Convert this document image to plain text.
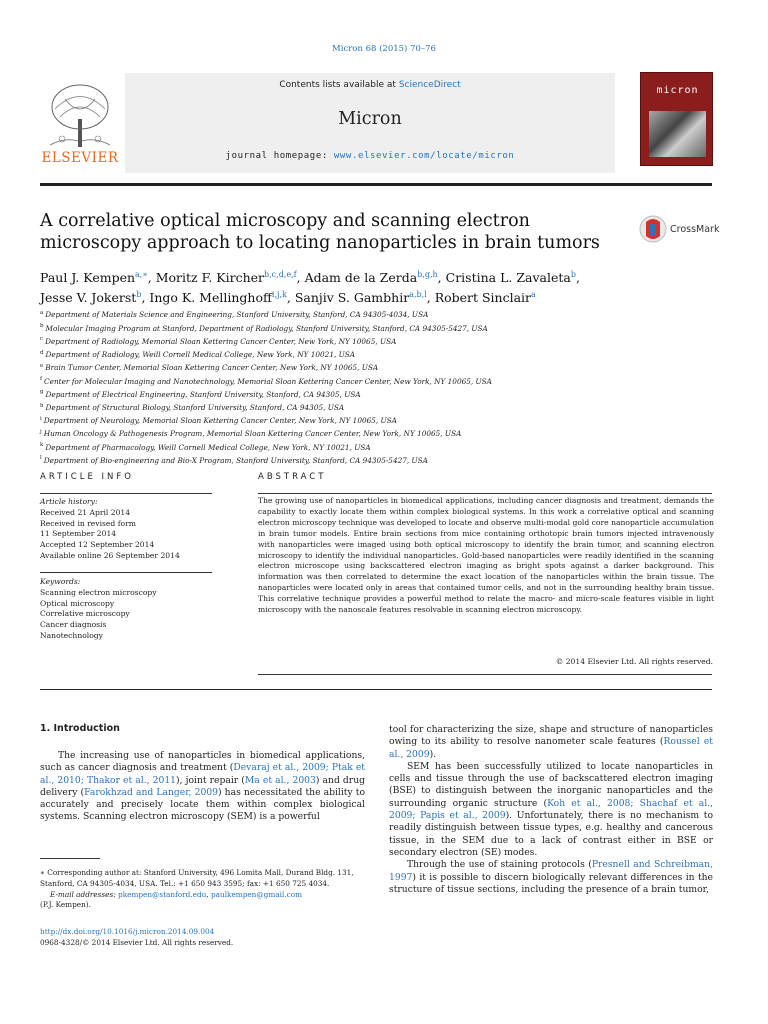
Micron 68 (2015) 70–76
ELSEVIER
Contents lists available at ScienceDirect
Micron
journal homepage: www.elsevier.com/locate/micron
micron
A correlative optical microscopy and scanning electron microscopy approach to locating nanoparticles in brain tumors
CrossMark
Paul J. Kempen$^{a,∗}$, Moritz F. Kircher$^{b,c,d,e,f}$, Adam de la Zerda$^{b,g,h}$, Cristina L. Zavaleta$^b$,
Jesse V. Jokerst$^b$, Ingo K. Mellinghoff$^{i,j,k}$, Sanjiv S. Gambhir$^{a,b,l}$, Robert Sinclair$^a$
$^a$ Department of Materials Science and Engineering, Stanford University, Stanford, CA 94305-4034, USA
$^b$ Molecular Imaging Program at Stanford, Department of Radiology, Stanford University, Stanford, CA 94305-5427, USA
$^c$ Department of Radiology, Memorial Sloan Kettering Cancer Center, New York, NY 10065, USA
$^d$ Department of Radiology, Weill Cornell Medical College, New York, NY 10021, USA
$^e$ Brain Tumor Center, Memorial Sloan Kettering Cancer Center, New York, NY 10065, USA
$^f$ Center for Molecular Imaging and Nanotechnology, Memorial Sloan Kettering Cancer Center, New York, NY 10065, USA
$^g$ Department of Electrical Engineering, Stanford University, Stanford, CA 94305, USA
$^h$ Department of Structural Biology, Stanford University, Stanford, CA 94305, USA
$^i$ Department of Neurology, Memorial Sloan Kettering Cancer Center, New York, NY 10065, USA
$^j$ Human Oncology & Pathogenesis Program, Memorial Sloan Kettering Cancer Center, New York, NY 10065, USA
$^k$ Department of Pharmacology, Weill Cornell Medical College, New York, NY 10021, USA
$^l$ Department of Bio-engineering and Bio-X Program, Stanford University, Stanford, CA 94305-5427, USA
ARTICLE INFO	ABSTRACT
Article history:
Received 21 April 2014
Received in revised form
11 September 2014
Accepted 12 September 2014
Available online 26 September 2014
Keywords:
Scanning electron microscopy
Optical microscopy
Correlative microscopy
Cancer diagnosis
Nanotechnology
The growing use of nanoparticles in biomedical applications, including cancer diagnosis and treatment, demands the capability to exactly locate them within complex biological systems. In this work a correlative optical and scanning electron microscopy technique was developed to locate and observe multi-modal gold core nanoparticle accumulation in brain tumor models. Entire brain sections from mice containing orthotopic brain tumors injected intravenously with nanoparticles were imaged using both optical microscopy to identify the brain tumor, and scanning electron microscopy to identify the individual nanoparticles. Gold-based nanoparticles were readily identified in the scanning electron microscope using backscattered electron imaging as bright spots against a darker background. This information was then correlated to determine the exact location of the nanoparticles within the brain tissue. The nanoparticles were located only in areas that contained tumor cells, and not in the surrounding healthy brain tissue. This correlative technique provides a powerful method to relate the macro- and micro-scale features visible in light microscopy with the nanoscale features resolvable in scanning electron microscopy.
© 2014 Elsevier Ltd. All rights reserved.
1. Introduction
The increasing use of nanoparticles in biomedical applications, such as cancer diagnosis and treatment (Devaraj et al., 2009; Ptak et al., 2010; Thakor et al., 2011), joint repair (Ma et al., 2003) and drug delivery (Farokhzad and Langer, 2009) has necessitated the ability to accurately and precisely locate them within complex biological systems. Scanning electron microscopy (SEM) is a powerful

tool for characterizing the size, shape and structure of nanoparticles owing to its ability to resolve nanometer scale features (Roussel et al., 2009).

SEM has been successfully utilized to locate nanoparticles in cells and tissue through the use of backscattered electron imaging (BSE) to distinguish between the inorganic nanoparticles and the surrounding organic structure (Koh et al., 2008; Shachaf et al., 2009; Papis et al., 2009). Unfortunately, there is no mechanism to readily distinguish between tissue types, e.g. healthy and cancerous tissue, in the SEM due to a lack of contrast either in BSE or secondary electron (SE) modes.

Through the use of staining protocols (Presnell and Schreibman, 1997) it is possible to discern biologically relevant differences in the structure of tissue sections, including the presence of a brain tumor,

∗ Corresponding author at: Stanford University, 496 Lomita Mall, Durand Bldg. 131, Stanford, CA 94305-4034, USA. Tel.: +1 650 943 3595; fax: +1 650 725 4034.
E-mail addresses: pkempen@stanford.edu, paulkempen@gmail.com
(P.J. Kempen).
http://dx.doi.org/10.1016/j.micron.2014.09.004
0968-4328/© 2014 Elsevier Ltd. All rights reserved.
